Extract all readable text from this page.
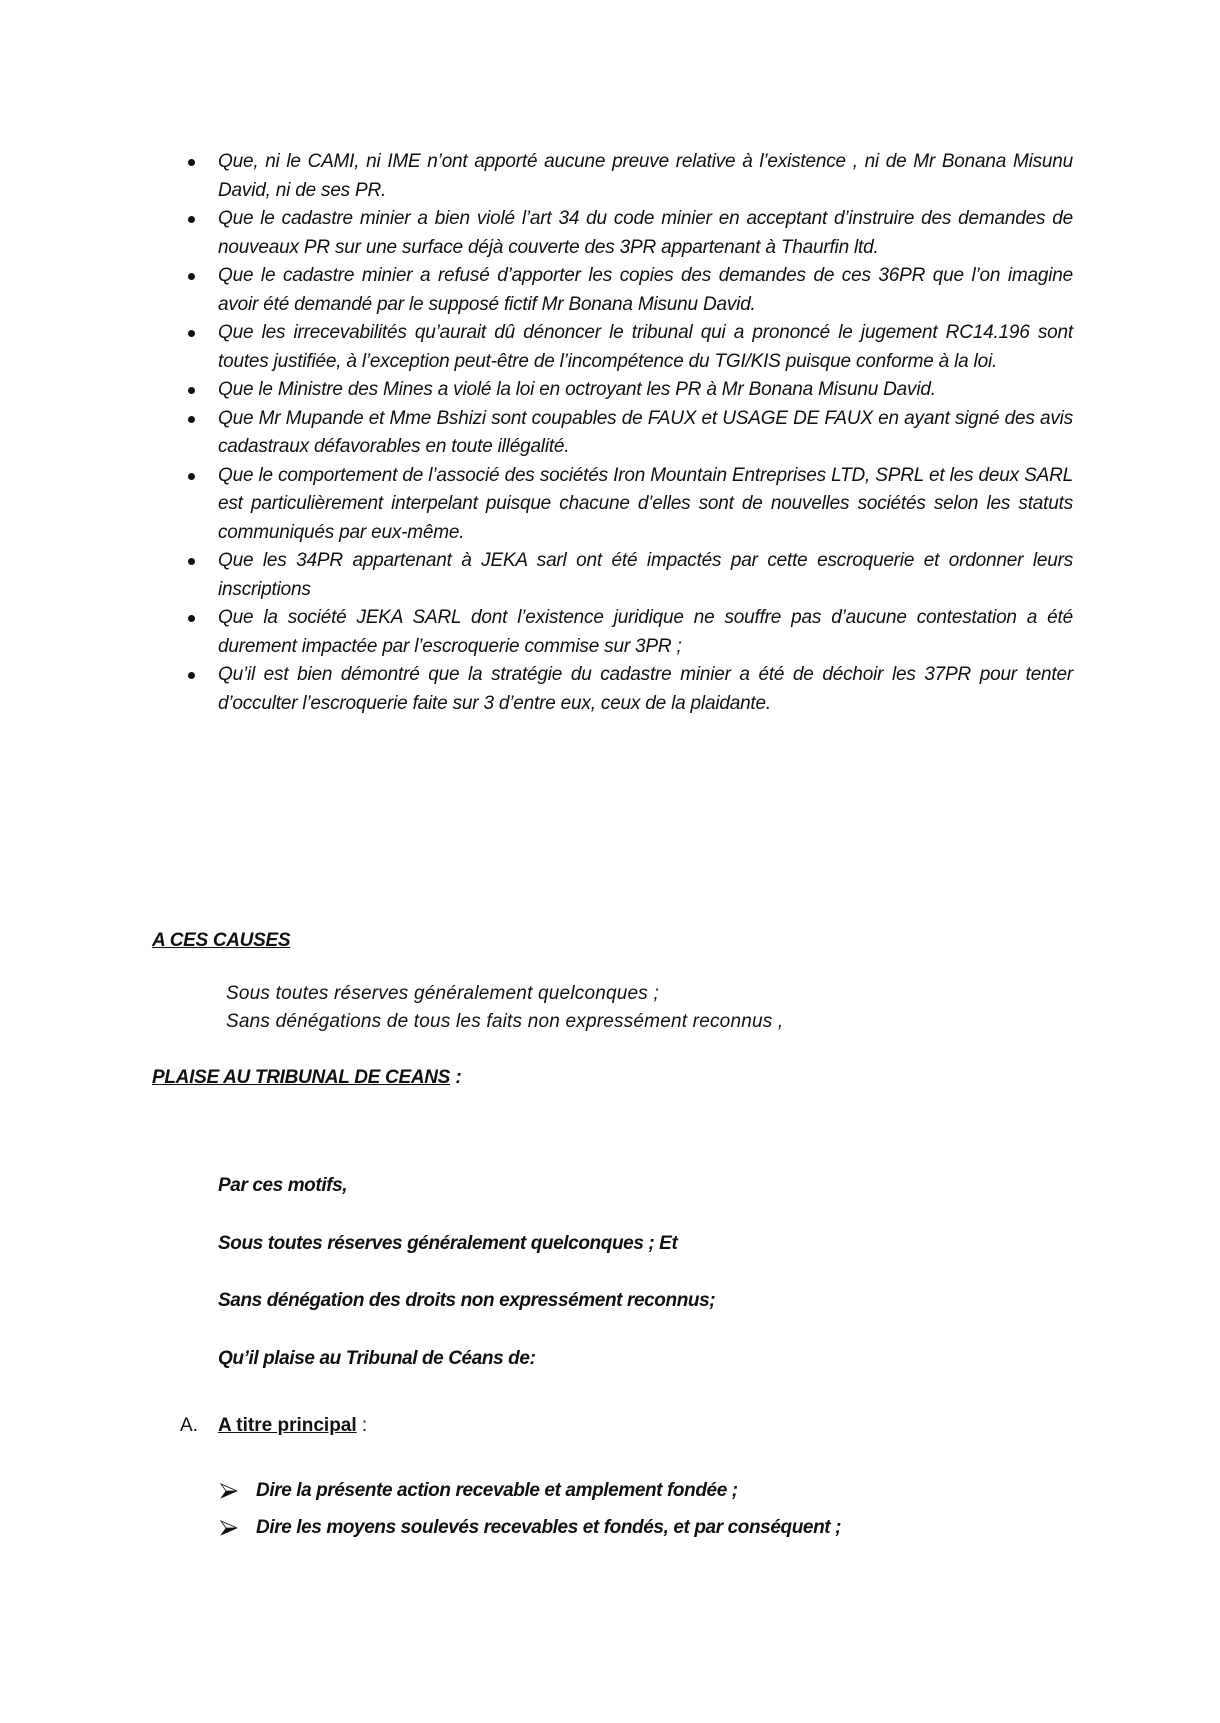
Que, ni le CAMI, ni IME n’ont apporté aucune preuve relative à l’existence , ni de Mr Bonana Misunu David, ni de ses PR.
Que le cadastre minier a bien violé l’art 34 du code minier en acceptant d’instruire des demandes de nouveaux PR sur une surface déjà couverte des 3PR appartenant à Thaurfin ltd.
Que le cadastre minier a refusé d’apporter les copies des demandes de ces 36PR que l’on imagine avoir été demandé par le supposé fictif Mr Bonana Misunu David.
Que les irrecevabilités qu’aurait dû dénoncer le tribunal qui a prononcé le jugement RC14.196 sont toutes justifiée, à l’exception peut-être de l’incompétence du TGI/KIS puisque conforme à la loi.
Que le Ministre des Mines a violé la loi en octroyant les PR à Mr Bonana Misunu David.
Que Mr Mupande et Mme Bshizi sont coupables de FAUX et USAGE DE FAUX en ayant signé des avis cadastraux défavorables en toute illégalité.
Que le comportement de l’associé des sociétés Iron Mountain Entreprises LTD, SPRL et les deux SARL est particulièrement interpelant puisque chacune d’elles sont de nouvelles sociétés selon les statuts communiqués par eux-même.
Que les 34PR appartenant à JEKA sarl ont été impactés par cette escroquerie et ordonner leurs inscriptions
Que la société JEKA SARL dont l’existence juridique ne souffre pas d’aucune contestation a été durement impactée par l’escroquerie commise sur 3PR ;
Qu’il est bien démontré que la stratégie du cadastre minier a été de déchoir les 37PR pour tenter d’occulter l’escroquerie faite sur 3 d’entre eux, ceux de la plaidante.
A CES CAUSES
Sous toutes réserves généralement quelconques ;
Sans dénégations de tous les faits non expressément reconnus ,
PLAISE AU TRIBUNAL DE CEANS :
Par ces motifs,
Sous toutes réserves généralement quelconques ; Et
Sans dénégation des droits non expressément reconnus;
Qu’il plaise au Tribunal de Céans de:
A. A titre principal :
Dire la présente action recevable et amplement fondée ;
Dire les moyens soulevés recevables et fondés, et par conséquent ;
